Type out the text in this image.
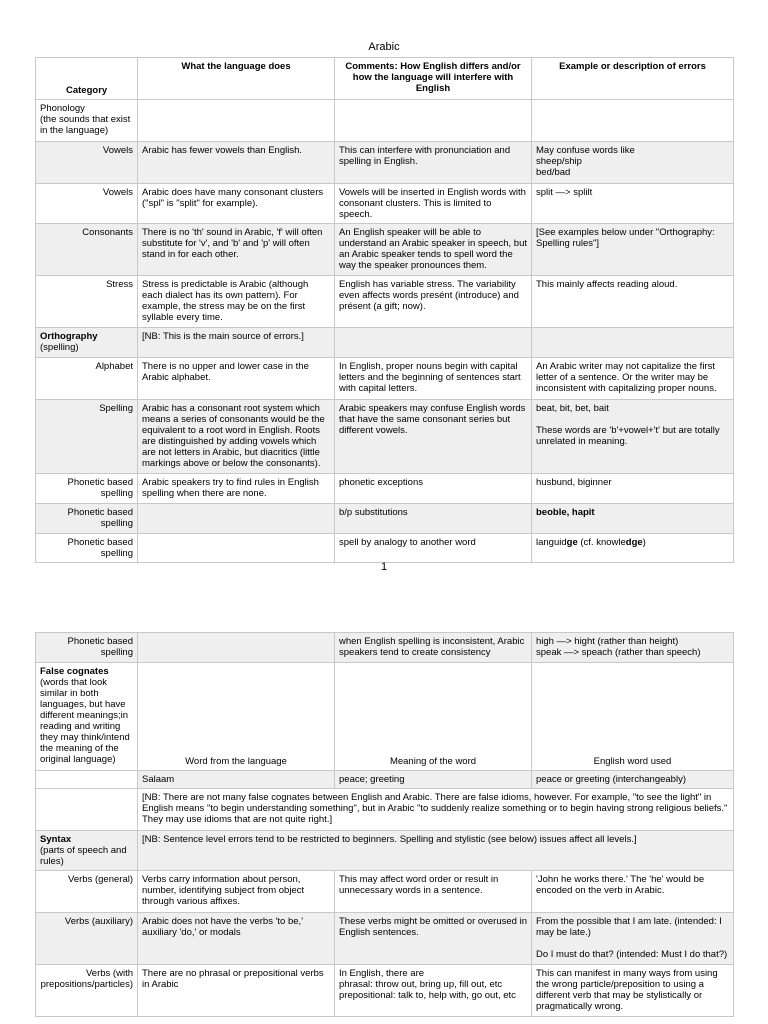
Arabic
Category	What the language does	Comments: How English differs and/or how the language will interfere with English	Example or description of errors
Phonology
(the sounds that exist in the language)			
Vowels	Arabic has fewer vowels than English.	This can interfere with pronunciation and spelling in English.	May confuse words like
sheep/ship
bed/bad

Vowels	Arabic does have many consonant clusters ("spl" is "split" for example).	Vowels will be inserted in English words with consonant clusters. This is limited to speech.	split —> splilt
Consonants	There is no 'th' sound in Arabic, 'f' will often substitute for 'v', and 'b' and 'p' will often stand in for each other.	An English speaker will be able to understand an Arabic speaker in speech, but an Arabic speaker tends to spell word the way the speaker pronounces them.	[See examples below under "Orthography: Spelling rules"]
Stress	Stress is predictable is Arabic (although each dialect has its own pattern). For example, the stress may be on the first syllable every time.	English has variable stress. The variability even affects words presént (introduce) and présent (a gift; now).	This mainly affects reading aloud.
Orthography
(spelling)	[NB: This is the main source of errors.]		
Alphabet	There is no upper and lower case in the Arabic alphabet.	In English, proper nouns begin with capital letters and the beginning of sentences start with capital letters.	An Arabic writer may not capitalize the first letter of a sentence. Or the writer may be inconsistent with capitalizing proper nouns.
Spelling	Arabic has a consonant root system which means a series of consonants would be the equivalent to a root word in English. Roots are distinguished by adding vowels which are not letters in Arabic, but diacritics (little markings above or below the consonants).	Arabic speakers may confuse English words that have the same consonant series but different vowels.	beat, bit, bet, bait

These words are 'b'+vowel+'t' but are totally unrelated in meaning.

Phonetic based spelling	Arabic speakers try to find rules in English spelling when there are none.	phonetic exceptions	husbund, biginner
Phonetic based spelling		b/p substitutions	beoble, hapit
Phonetic based spelling		spell by analogy to another word	languidge (cf. knowledge)
1
Phonetic based spelling		when English spelling is inconsistent, Arabic speakers tend to create consistency	high —> hight (rather than height)
speak —> speach (rather than speech)

False cognates
(words that look similar in both languages, but have different meanings;in reading and writing they may think/intend the meaning of the original language)	Word from the language	Meaning of the word	English word used
	Salaam	peace; greeting	peace or greeting (interchangeably)
	[NB: There are not many false cognates between English and Arabic. There are false idioms, however. For example, "to see the light" in English means "to begin understanding something", but in Arabic "to suddenly realize something or to begin having strong religious beliefs." They may use idioms that are not quite right.]		
Syntax
(parts of speech and rules)	[NB: Sentence level errors tend to be restricted to beginners. Spelling and stylistic (see below) issues affect all levels.]		
Verbs (general)	Verbs carry information about person, number, identifying subject from object through various affixes.	This may affect word order or result in unnecessary words in a sentence.	'John he works there.' The 'he' would be encoded on the verb in Arabic.
Verbs (auxiliary)	Arabic does not have the verbs 'to be,' auxiliary 'do,' or modals	These verbs might be omitted or overused in English sentences.	From the possible that I am late. (intended: I may be late.)

Do I must do that? (intended: Must I do that?)

Verbs (with prepositions/particles)	There are no phrasal or prepositional verbs in Arabic	In English, there are
phrasal: throw out, bring up, fill out, etc
prepositional: talk to, help with, go out, etc	This can manifest in many ways from using the wrong particle/preposition to using a different verb that may be stylistically or pragmatically wrong.
